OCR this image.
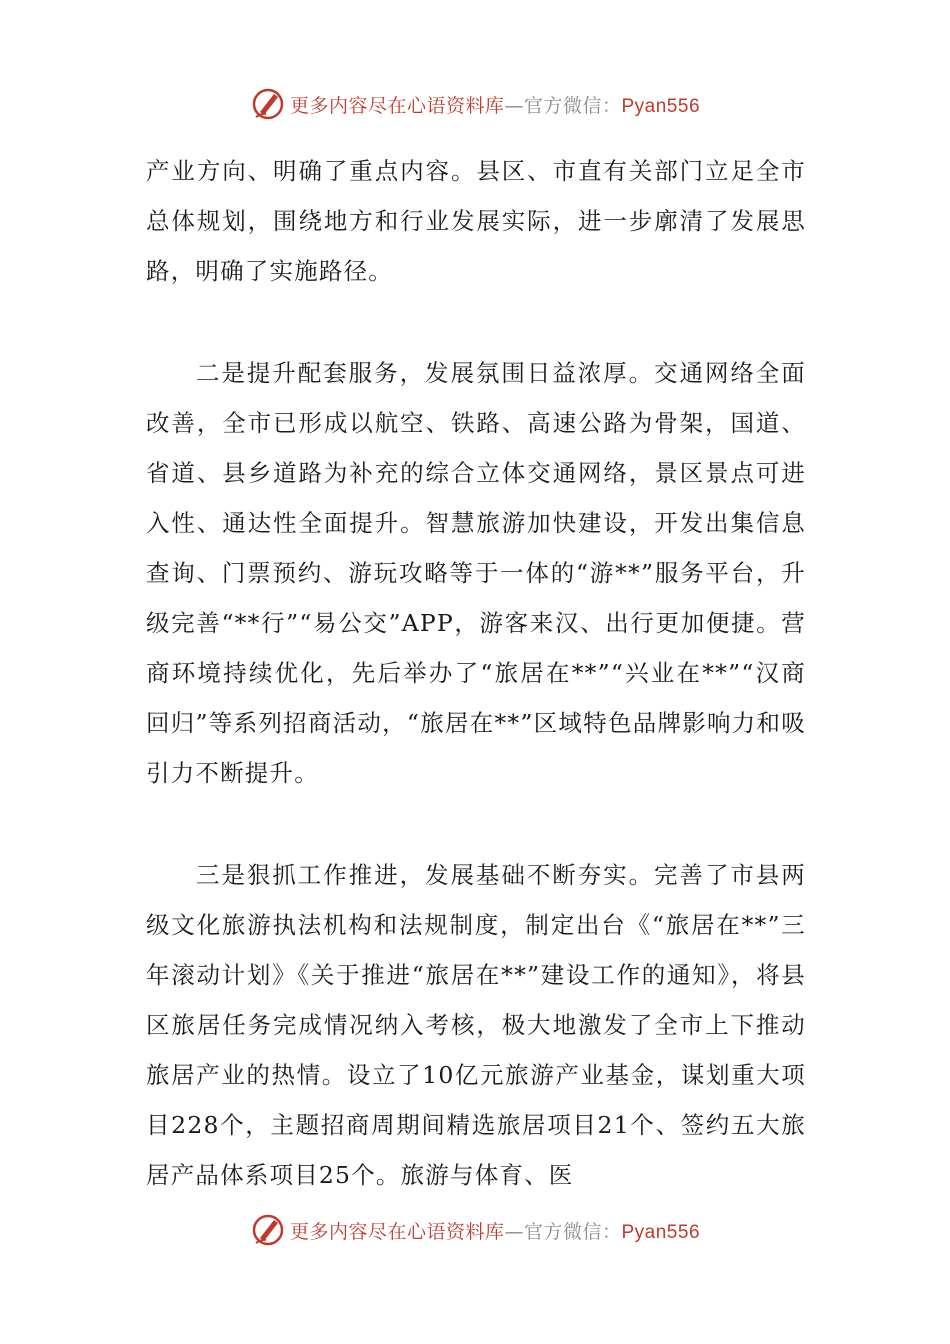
更多内容尽在心语资料库—官方微信：Pyan556

产业方向、明确了重点内容。县区、市直有关部门立足全市总体规划，围绕地方和行业发展实际，进一步廓清了发展思路，明确了实施路径。

二是提升配套服务，发展氛围日益浓厚。交通网络全面改善，全市已形成以航空、铁路、高速公路为骨架，国道、省道、县乡道路为补充的综合立体交通网络，景区景点可进入性、通达性全面提升。智慧旅游加快建设，开发出集信息查询、门票预约、游玩攻略等于一体的“游**”服务平台，升级完善“**行”“易公交”APP，游客来汉、出行更加便捷。营商环境持续优化，先后举办了“旅居在**”“兴业在**”“汉商回归”等系列招商活动，“旅居在**”区域特色品牌影响力和吸引力不断提升。

三是狠抓工作推进，发展基础不断夯实。完善了市县两级文化旅游执法机构和法规制度，制定出台《“旅居在**”三年滚动计划》《关于推进“旅居在**”建设工作的通知》，将县区旅居任务完成情况纳入考核，极大地激发了全市上下推动旅居产业的热情。设立了10亿元旅游产业基金，谋划重大项目228个，主题招商周期间精选旅居项目21个、签约五大旅居产品体系项目25个。旅游与体育、医

更多内容尽在心语资料库—官方微信：Pyan556
